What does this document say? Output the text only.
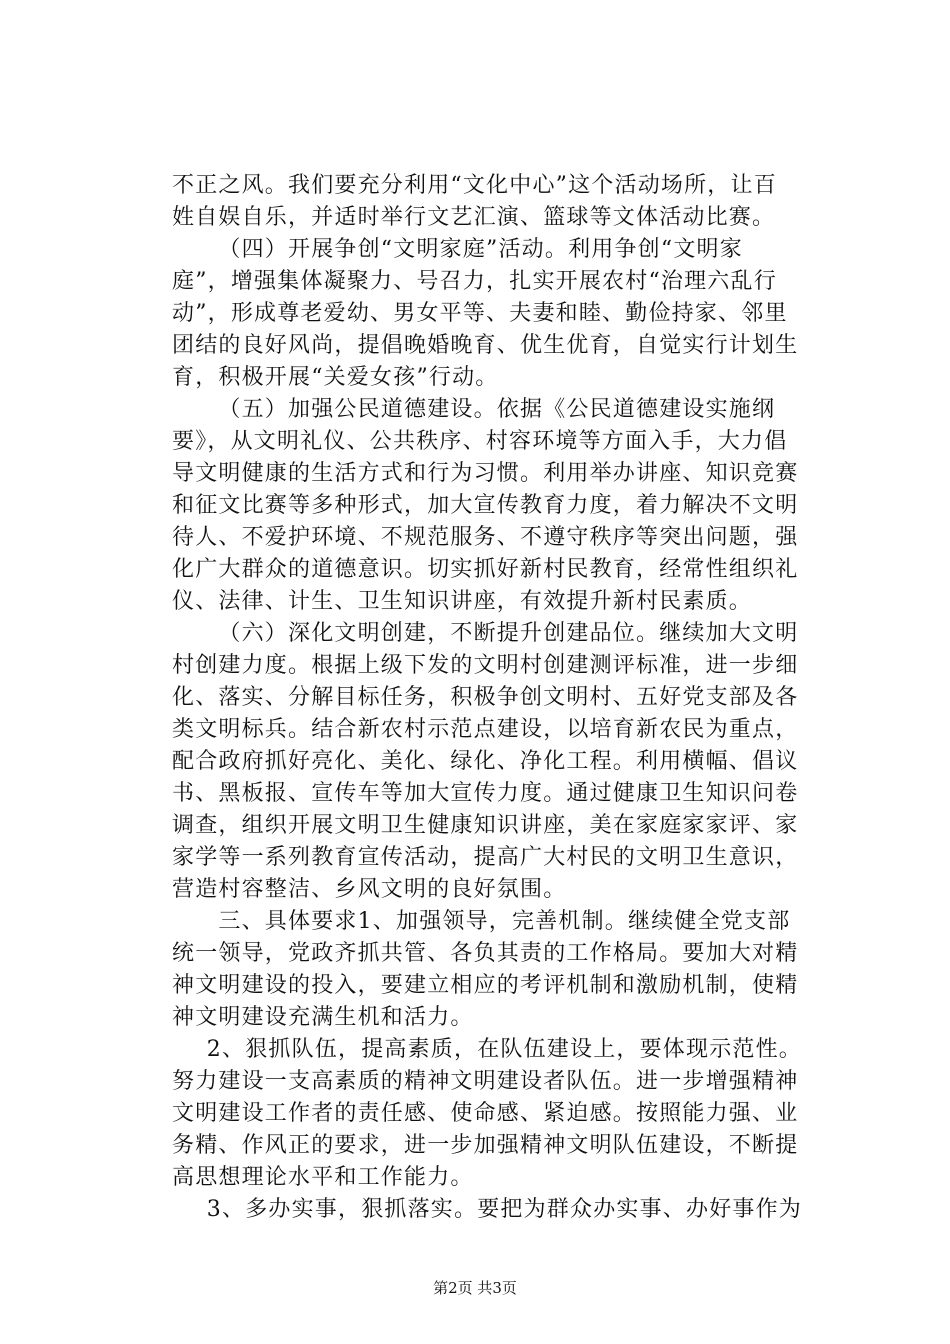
不正之风。我们要充分利用“文化中心”这个活动场所，让百
姓自娱自乐，并适时举行文艺汇演、篮球等文体活动比赛。
（四）开展争创“文明家庭”活动。利用争创“文明家
庭”，增强集体凝聚力、号召力，扎实开展农村“治理六乱行
动”，形成尊老爱幼、男女平等、夫妻和睦、勤俭持家、邻里
团结的良好风尚，提倡晚婚晚育、优生优育，自觉实行计划生
育，积极开展“关爱女孩”行动。
（五）加强公民道德建设。依据《公民道德建设实施纲
要》，从文明礼仪、公共秩序、村容环境等方面入手，大力倡
导文明健康的生活方式和行为习惯。利用举办讲座、知识竞赛
和征文比赛等多种形式，加大宣传教育力度，着力解决不文明
待人、不爱护环境、不规范服务、不遵守秩序等突出问题，强
化广大群众的道德意识。切实抓好新村民教育，经常性组织礼
仪、法律、计生、卫生知识讲座，有效提升新村民素质。
（六）深化文明创建，不断提升创建品位。继续加大文明
村创建力度。根据上级下发的文明村创建测评标准，进一步细
化、落实、分解目标任务，积极争创文明村、五好党支部及各
类文明标兵。结合新农村示范点建设，以培育新农民为重点，
配合政府抓好亮化、美化、绿化、净化工程。利用横幅、倡议
书、黑板报、宣传车等加大宣传力度。通过健康卫生知识问卷
调查，组织开展文明卫生健康知识讲座，美在家庭家家评、家
家学等一系列教育宣传活动，提高广大村民的文明卫生意识，
营造村容整洁、乡风文明的良好氛围。
三、具体要求1、加强领导，完善机制。继续健全党支部
统一领导，党政齐抓共管、各负其责的工作格局。要加大对精
神文明建设的投入，要建立相应的考评机制和激励机制，使精
神文明建设充满生机和活力。
2、狠抓队伍，提高素质，在队伍建设上，要体现示范性。
努力建设一支高素质的精神文明建设者队伍。进一步增强精神
文明建设工作者的责任感、使命感、紧迫感。按照能力强、业
务精、作风正的要求，进一步加强精神文明队伍建设，不断提
高思想理论水平和工作能力。
3、多办实事，狠抓落实。要把为群众办实事、办好事作为
第2页 共3页
